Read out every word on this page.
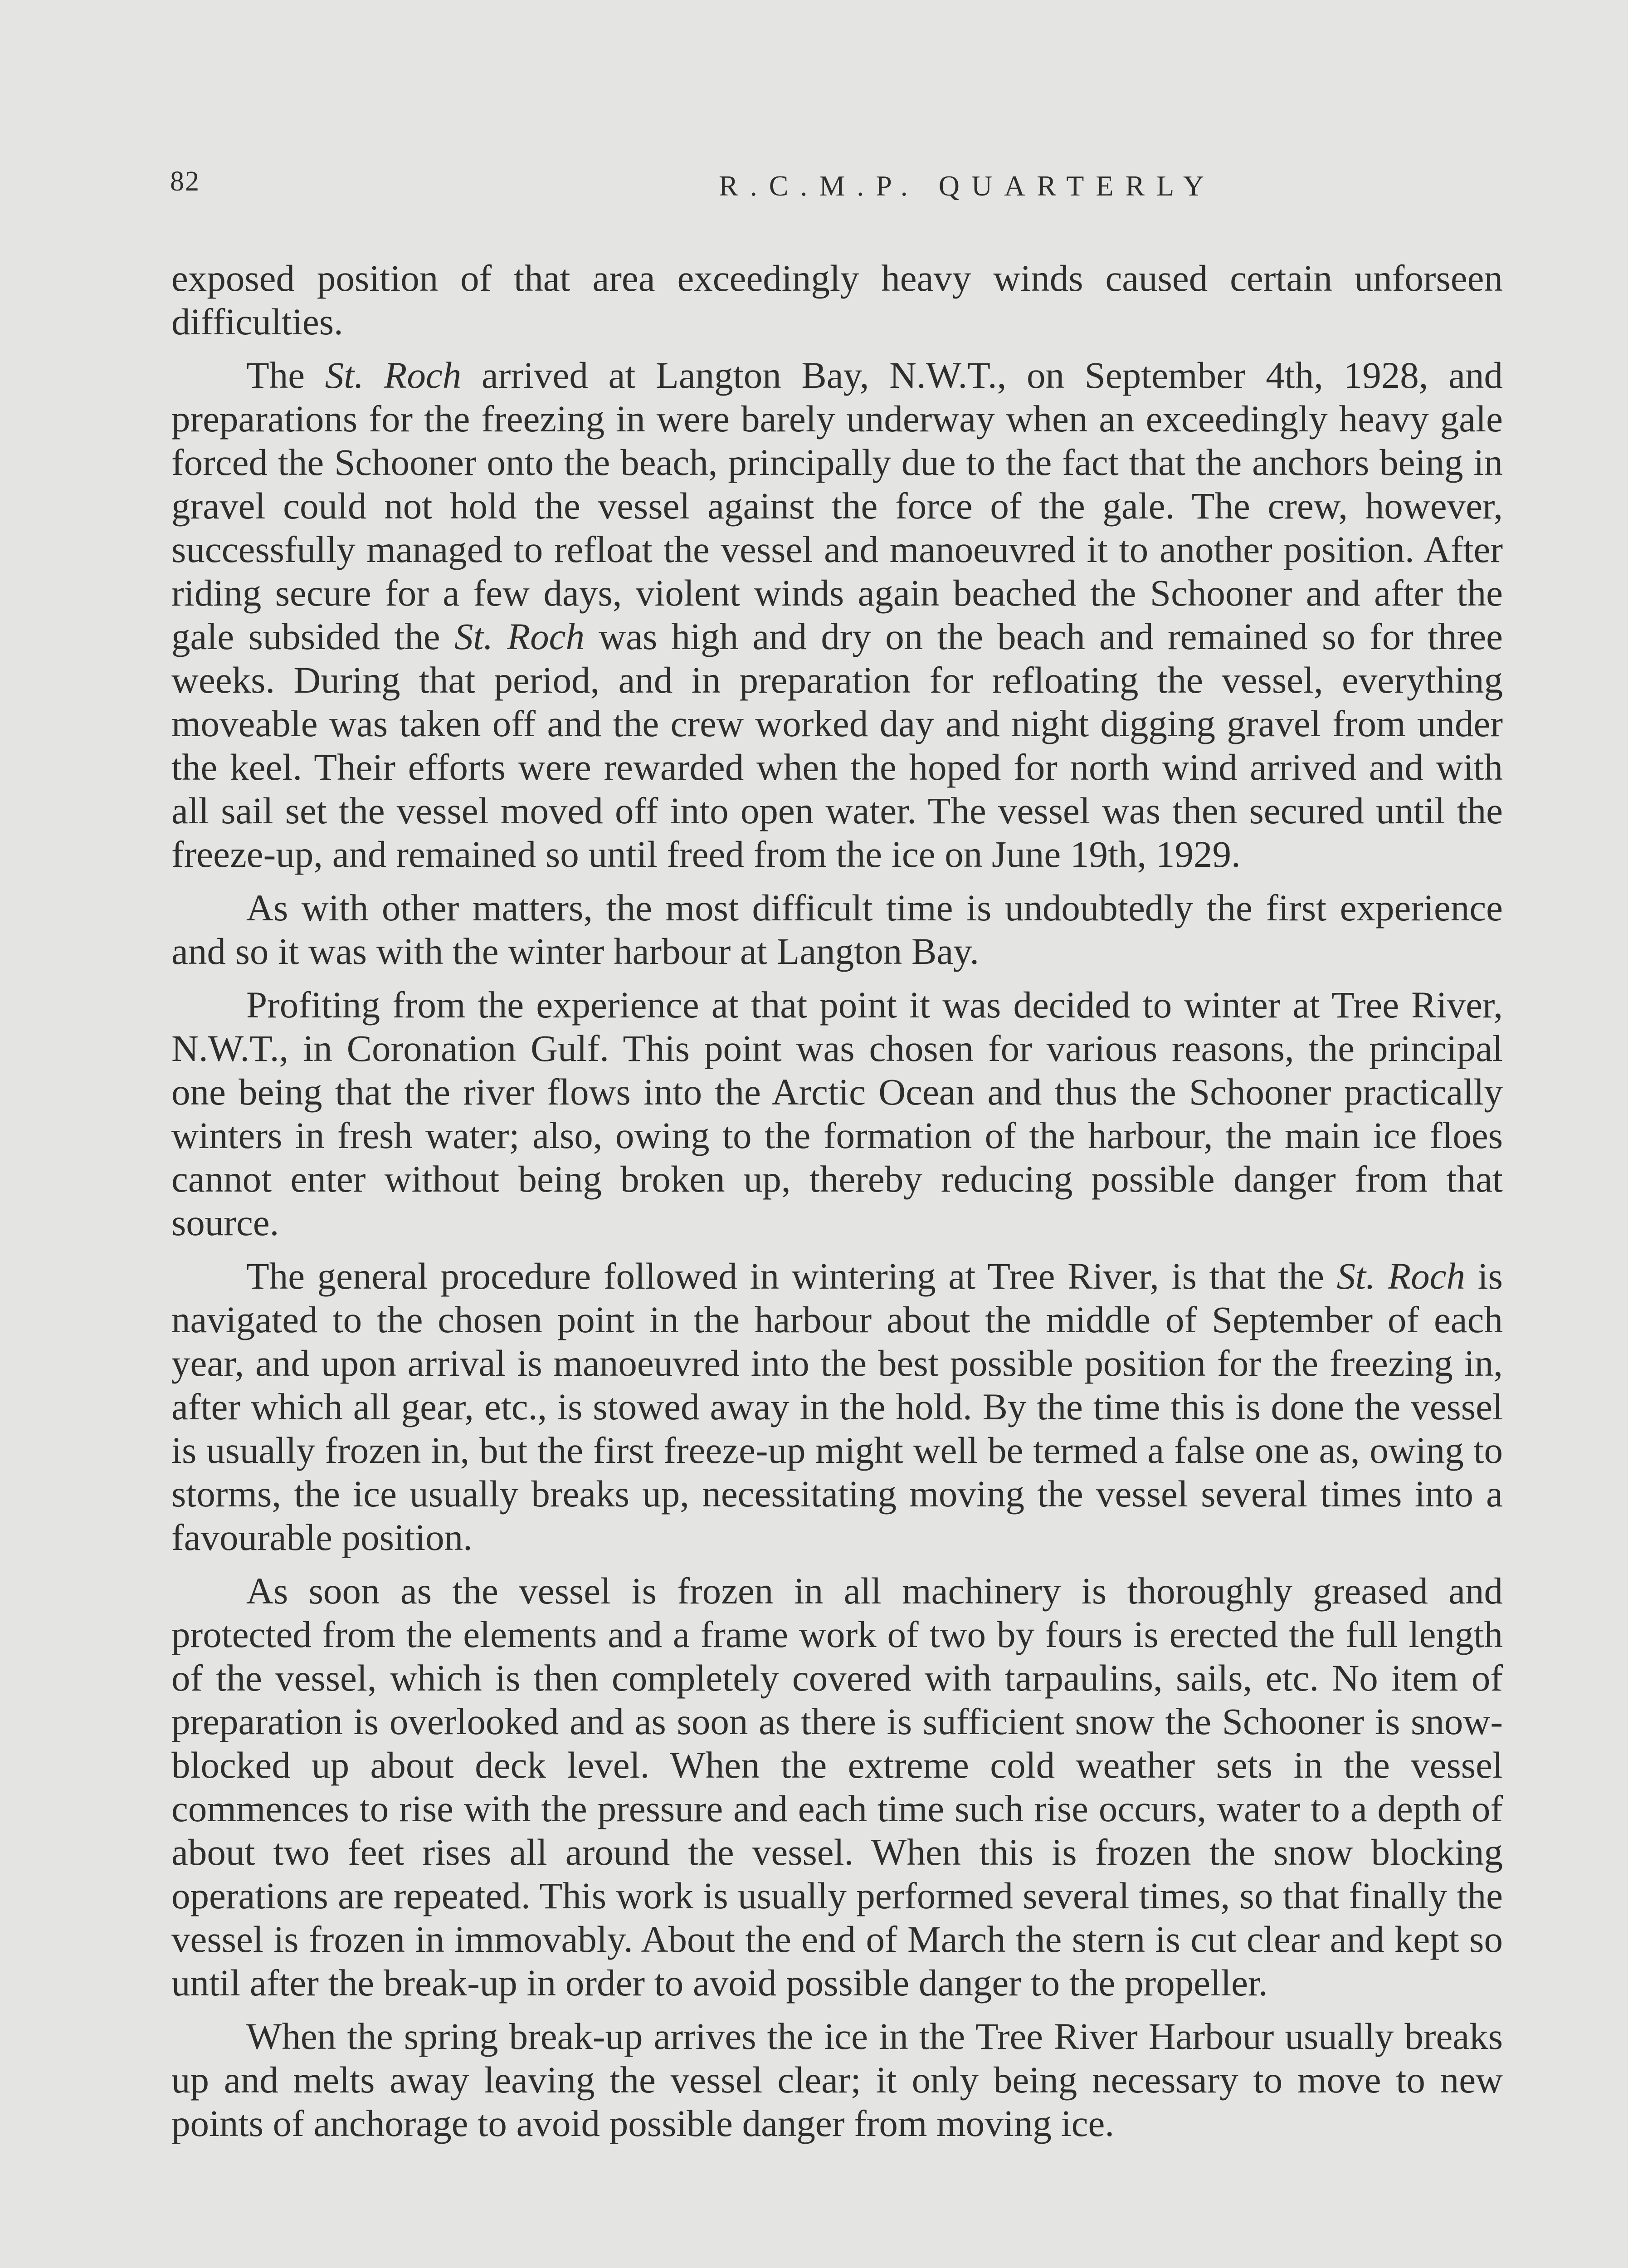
82	R.C.M.P. QUARTERLY

exposed position of that area exceedingly heavy winds caused certain unforseen difficulties.

The St. Roch arrived at Langton Bay, N.W.T., on September 4th, 1928, and preparations for the freezing in were barely underway when an exceedingly heavy gale forced the Schooner onto the beach, principally due to the fact that the anchors being in gravel could not hold the vessel against the force of the gale. The crew, however, successfully managed to refloat the vessel and manoeuvred it to another position. After riding secure for a few days, violent winds again beached the Schooner and after the gale subsided the St. Roch was high and dry on the beach and remained so for three weeks. During that period, and in preparation for refloating the vessel, everything moveable was taken off and the crew worked day and night digging gravel from under the keel. Their efforts were rewarded when the hoped for north wind arrived and with all sail set the vessel moved off into open water. The vessel was then secured until the freeze-up, and remained so until freed from the ice on June 19th, 1929.

As with other matters, the most difficult time is undoubtedly the first experience and so it was with the winter harbour at Langton Bay.

Profiting from the experience at that point it was decided to winter at Tree River, N.W.T., in Coronation Gulf. This point was chosen for various reasons, the principal one being that the river flows into the Arctic Ocean and thus the Schooner practically winters in fresh water; also, owing to the formation of the harbour, the main ice floes cannot enter without being broken up, thereby reducing possible danger from that source.

The general procedure followed in wintering at Tree River, is that the St. Roch is navigated to the chosen point in the harbour about the middle of September of each year, and upon arrival is manoeuvred into the best possible position for the freezing in, after which all gear, etc., is stowed away in the hold. By the time this is done the vessel is usually frozen in, but the first freeze-up might well be termed a false one as, owing to storms, the ice usually breaks up, necessitating moving the vessel several times into a favourable position.

As soon as the vessel is frozen in all machinery is thoroughly greased and protected from the elements and a frame work of two by fours is erected the full length of the vessel, which is then completely covered with tarpaulins, sails, etc. No item of preparation is overlooked and as soon as there is sufficient snow the Schooner is snow-blocked up about deck level. When the extreme cold weather sets in the vessel commences to rise with the pressure and each time such rise occurs, water to a depth of about two feet rises all around the vessel. When this is frozen the snow blocking operations are repeated. This work is usually performed several times, so that finally the vessel is frozen in immovably. About the end of March the stern is cut clear and kept so until after the break-up in order to avoid possible danger to the propeller.

When the spring break-up arrives the ice in the Tree River Harbour usually breaks up and melts away leaving the vessel clear; it only being necessary to move to new points of anchorage to avoid possible danger from moving ice.
